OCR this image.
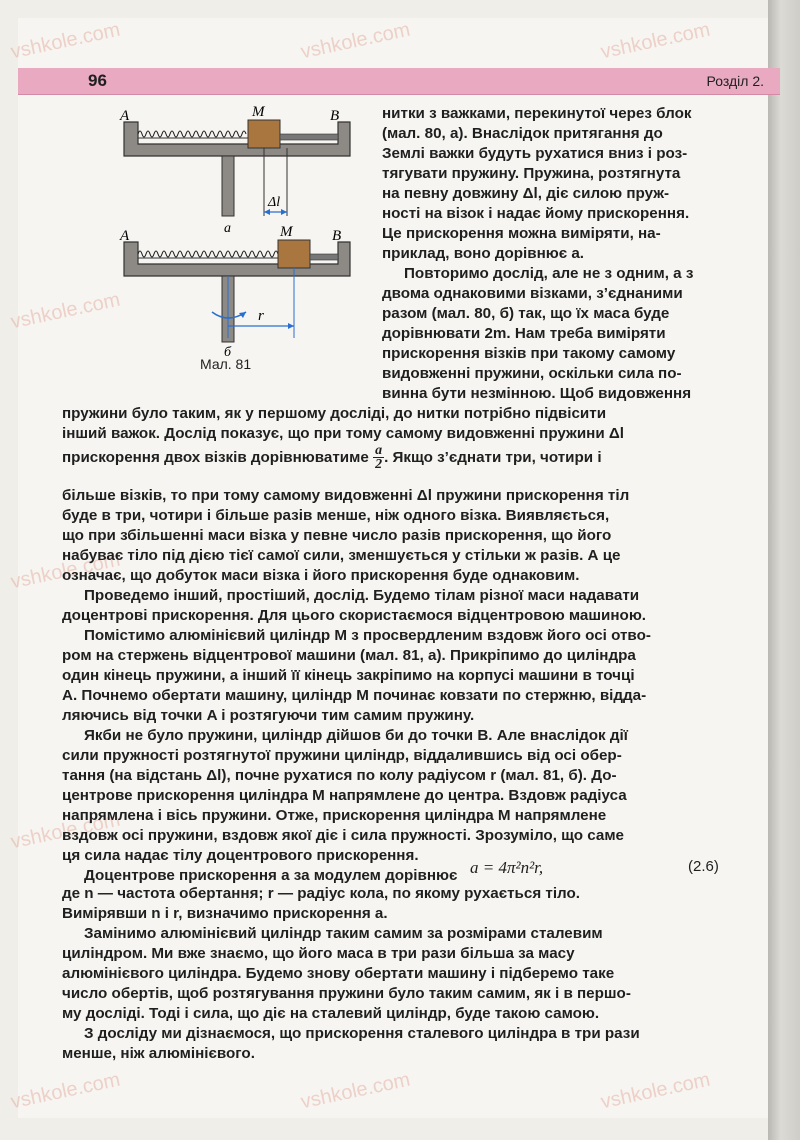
vshkole.com	vshkole.com	vshkole.com
vshkole.com
vshkole.com
vshkole.com
vshkole.com	vshkole.com	vshkole.com
96	Розділ 2.
A	M	B
Δl
а
A	M	B
r
б
Мал. 81
нитки з важками, перекинутої через блок
(мал. 80, а). Внаслідок притягання до
Землі важки будуть рухатися вниз і роз-
тягувати пружину. Пружина, розтягнута
на певну довжину Δl, діє силою пруж-
ності на візок і надає йому прискорення.
Це прискорення можна виміряти, на-
приклад, воно дорівнює а.
Повторимо дослід, але не з одним, а з
двома однаковими візками, з’єднаними
разом (мал. 80, б) так, що їх маса буде
дорівнювати 2m. Нам треба виміряти
прискорення візків при такому самому
видовженні пружини, оскільки сила по-
винна бути незмінною. Щоб видовження
пружини було таким, як у першому досліді, до нитки потрібно підвісити
інший важок. Дослід показує, що при тому самому видовженні пружини Δl
прискорення двох візків дорівнюватиме $\frac{а}{2}$ . Якщо з’єднати три, чотири і
більше візків, то при тому самому видовженні Δl пружини прискорення тіл
буде в три, чотири і більше разів менше, ніж одного візка. Виявляється,
що при збільшенні маси візка у певне число разів прискорення, що його
набуває тіло під дією тієї самої сили, зменшується у стільки ж разів. А це
означає, що добуток маси візка і його прискорення буде однаковим.
Проведемо інший, простіший, дослід. Будемо тілам різної маси надавати
доцентрові прискорення. Для цього скористаємося відцентровою машиною.
Помістимо алюмінієвий циліндр M з просвердленим вздовж його осі отво-
ром на стержень відцентрової машини (мал. 81, а). Прикріпимо до циліндра
один кінець пружини, а інший її кінець закріпимо на корпусі машини в точці
A. Почнемо обертати машину, циліндр M починає ковзати по стержню, відда-
ляючись від точки A і розтягуючи тим самим пружину.
Якби не було пружини, циліндр дійшов би до точки B. Але внаслідок дії
сили пружності розтягнутої пружини циліндр, віддалившись від осі обер-
тання (на відстань Δl), почне рухатися по колу радіусом r (мал. 81, б). До-
центрове прискорення циліндра M напрямлене до центра. Вздовж радіуса
напрямлена і вісь пружини. Отже, прискорення циліндра M напрямлене
вздовж осі пружини, вздовж якої діє і сила пружності. Зрозуміло, що саме
ця сила надає тілу доцентрового прискорення.
Доцентрове прискорення а за модулем дорівнює a = 4π²n²r,	(2.6)
де n — частота обертання; r — радіус кола, по якому рухається тіло.
Вимірявши n і r, визначимо прискорення а.
Замінимо алюмінієвий циліндр таким самим за розмірами сталевим
циліндром. Ми вже знаємо, що його маса в три рази більша за масу
алюмінієвого циліндра. Будемо знову обертати машину і підберемо таке
число обертів, щоб розтягування пружини було таким самим, як і в першо-
му досліді. Тоді і сила, що діє на сталевий циліндр, буде такою самою.
З досліду ми дізнаємося, що прискорення сталевого циліндра в три рази
менше, ніж алюмінієвого.
